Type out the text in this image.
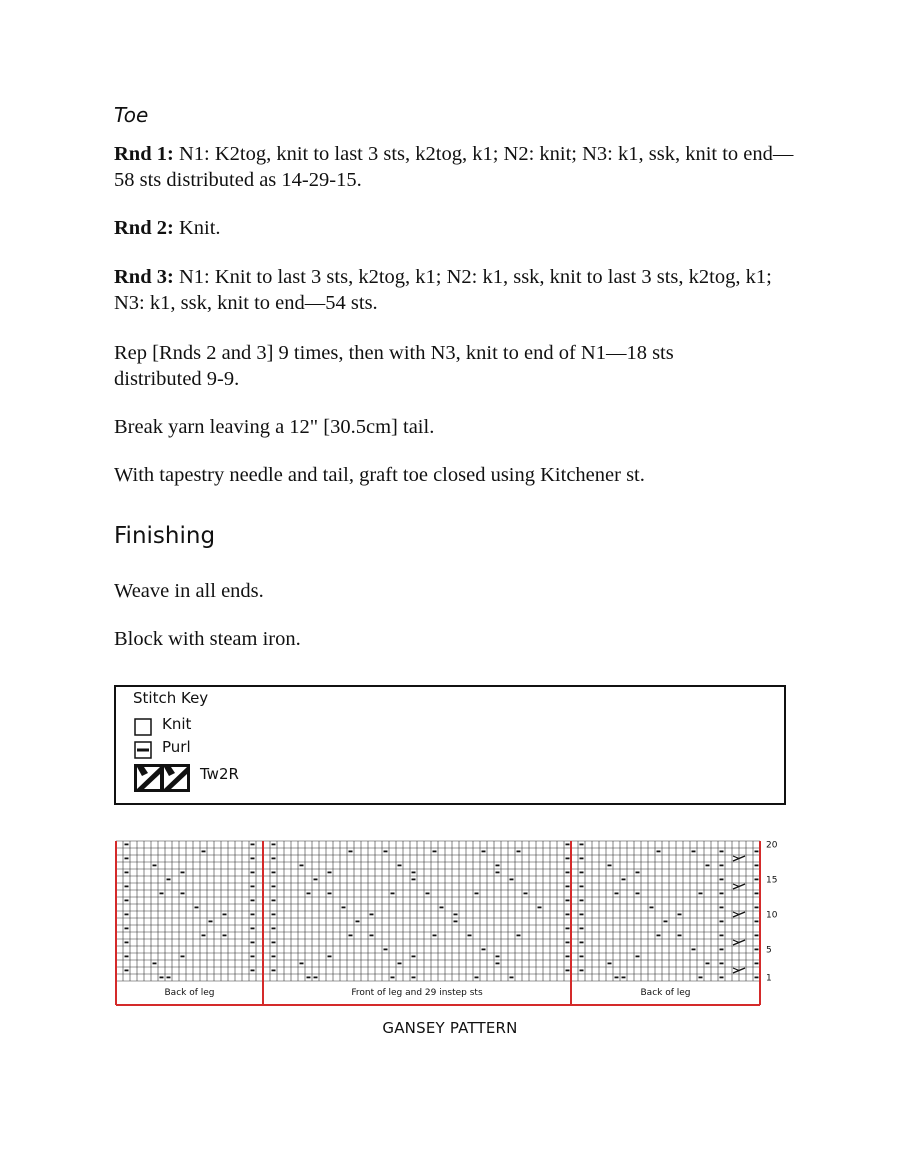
Toe

Rnd 1: N1: K2tog, knit to last 3 sts, k2tog, k1; N2: knit; N3: k1, ssk, knit to end—58 sts distributed as 14-29-15.

Rnd 2: Knit.

Rnd 3: N1: Knit to last 3 sts, k2tog, k1; N2: k1, ssk, knit to last 3 sts, k2tog, k1; N3: k1, ssk, knit to end—54 sts.

Rep [Rnds 2 and 3] 9 times, then with N3, knit to end of N1—18 sts distributed 9-9.

Break yarn leaving a 12" [30.5cm] tail.

With tapestry needle and tail, graft toe closed using Kitchener st.

Finishing

Weave in all ends.

Block with steam iron.

Stitch Key
Knit
Purl
Tw2R
Back of leg	Front of leg and 29 instep sts	Back of leg
20
15
10
5
1
GANSEY PATTERN
